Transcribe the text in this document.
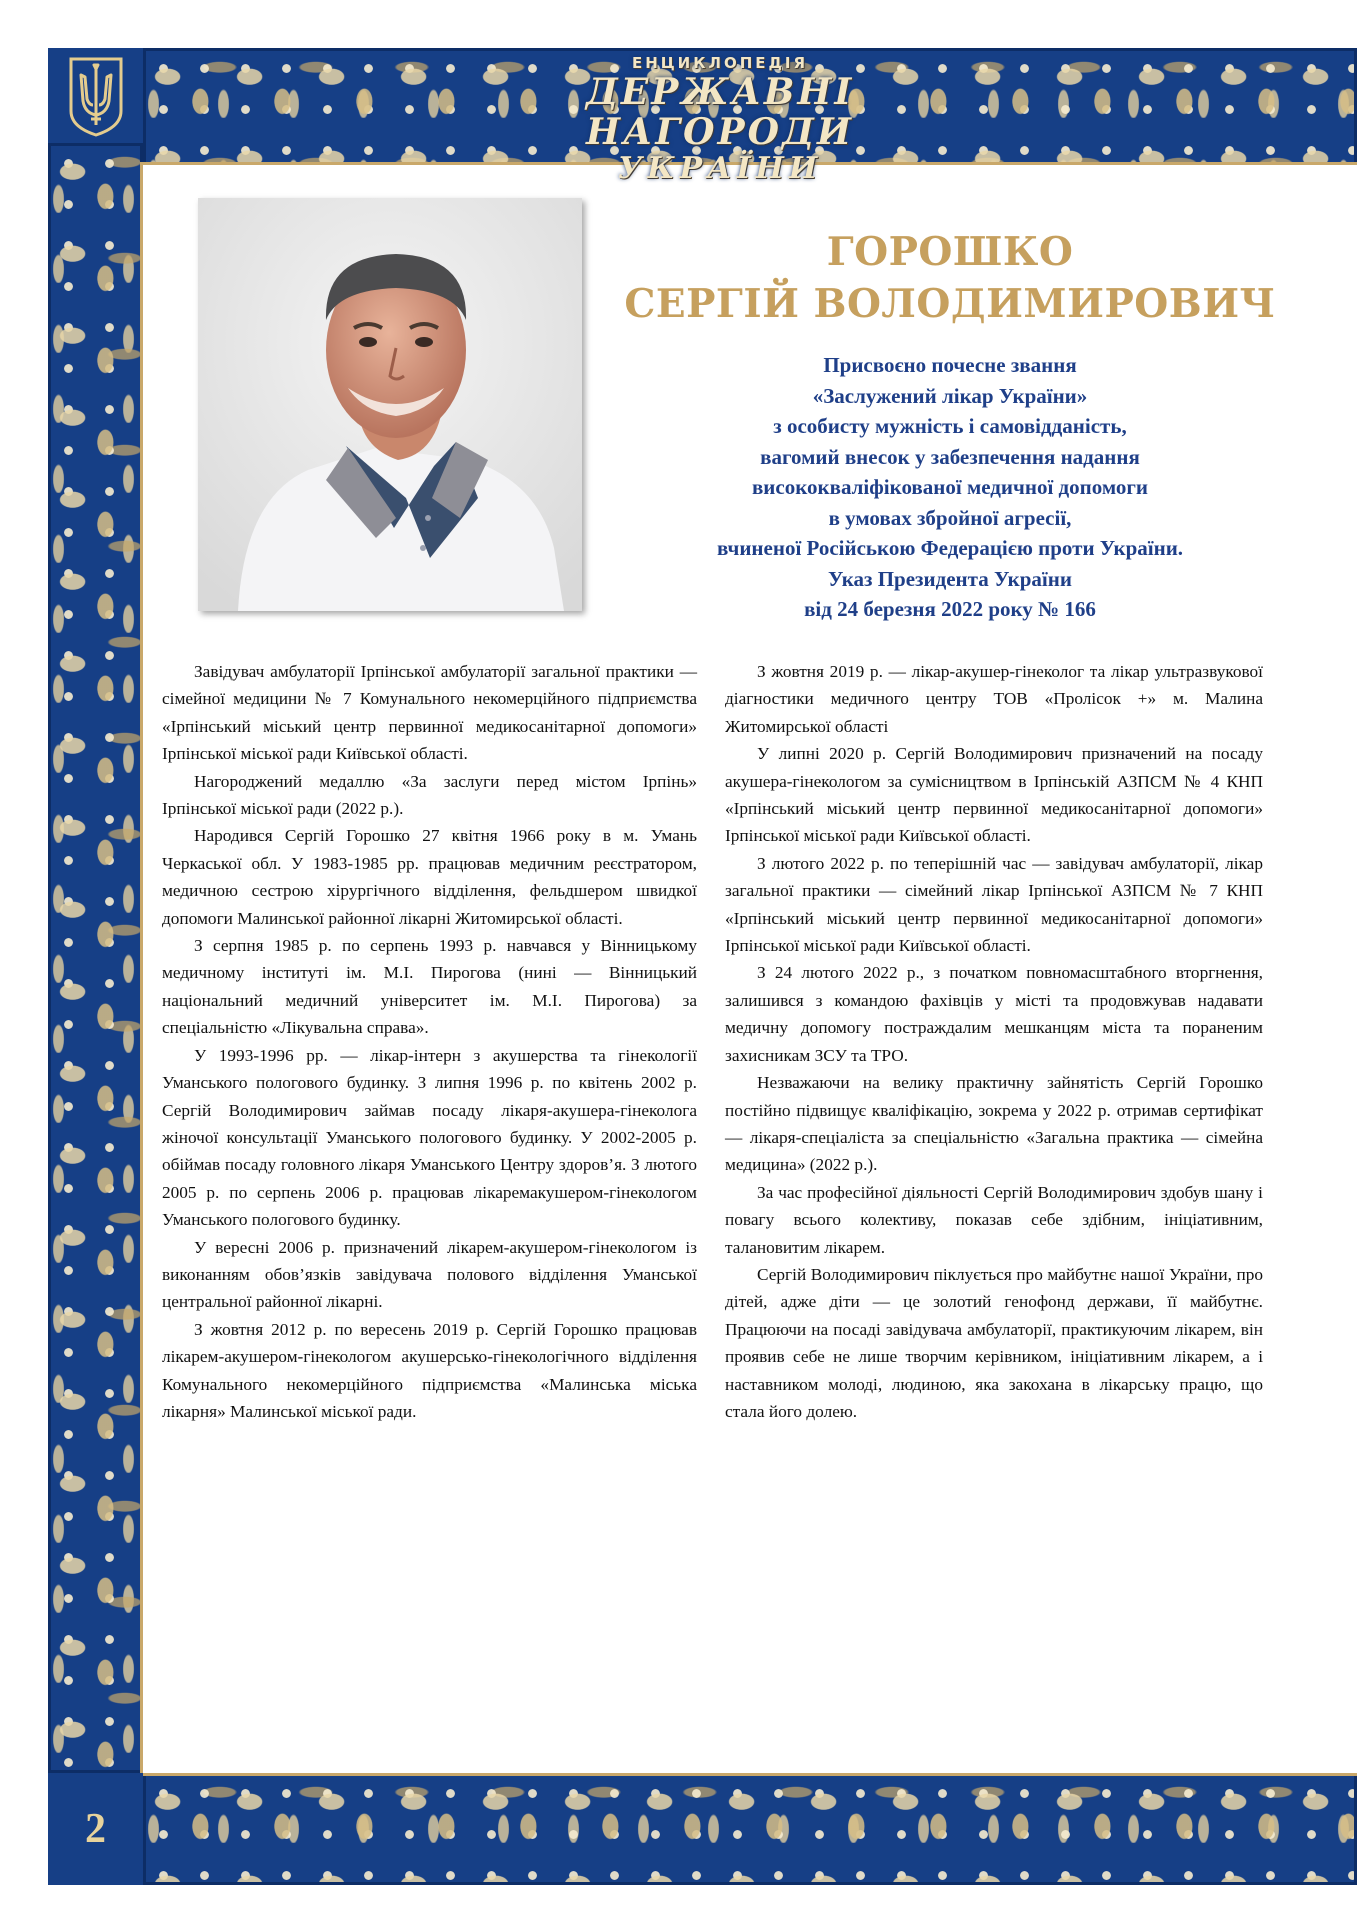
ЕНЦИКЛОПЕДІЯ
ДЕРЖАВНІ НАГОРОДИ
УКРАЇНИ
2
ГОРОШКО
СЕРГІЙ ВОЛОДИМИРОВИЧ
Присвоєно почесне звання
«Заслужений лікар України»
з особисту мужність і самовідданість,
вагомий внесок у забезпечення надання
висококваліфікованої медичної допомоги
в умовах збройної агресії,
вчиненої Російською Федерацією проти України.
Указ Президента України
від 24 березня 2022 року № 166

Завідувач амбулаторії Ірпінської амбулаторії загальної практики — сімейної медицини № 7 Комунального некомерційного підприємства «Ірпінський міський центр первинної медикосанітарної допомоги» Ірпінської міської ради Київської області.

Нагороджений медаллю «За заслуги перед містом Ірпінь» Ірпінської міської ради (2022 р.).

Народився Сергій Горошко 27 квітня 1966 року в м. Умань Черкаської обл. У 1983-1985 рр. працював медичним реєстратором, медичною сестрою хірургічного відділення, фельдшером швидкої допомоги Малинської районної лікарні Житомирської області.

З серпня 1985 р. по серпень 1993 р. навчався у Вінницькому медичному інституті ім. М.І. Пирогова (нині — Вінницький національний медичний університет ім. М.І. Пирогова) за спеціальністю «Лікувальна справа».

У 1993-1996 рр. — лікар-інтерн з акушерства та гінекології Уманського пологового будинку. З липня 1996 р. по квітень 2002 р. Сергій Володимирович займав посаду лікаря-акушера-гінеколога жіночої консультації Уманського пологового будинку. У 2002-2005 р. обіймав посаду головного лікаря Уманського Центру здоров’я. З лютого 2005 р. по серпень 2006 р. працював лікаремакушером-гінекологом Уманського пологового будинку.

У вересні 2006 р. призначений лікарем-акушером-гінекологом із виконанням обов’язків завідувача полового відділення Уманської центральної районної лікарні.

З жовтня 2012 р. по вересень 2019 р. Сергій Горошко працював лікарем-акушером-гінекологом акушерсько-гінекологічного відділення Комунального некомерційного підприємства «Малинська міська лікарня» Малинської міської ради.

З жовтня 2019 р. — лікар-акушер-гінеколог та лікар ультразвукової діагностики медичного центру ТОВ «Пролісок +» м. Малина Житомирської області

У липні 2020 р. Сергій Володимирович призначений на посаду акушера-гінекологом за сумісництвом в Ірпінській АЗПСМ № 4 КНП «Ірпінський міський центр первинної медикосанітарної допомоги» Ірпінської міської ради Київської області.

З лютого 2022 р. по теперішній час — завідувач амбулаторії, лікар загальної практики — сімейний лікар Ірпінської АЗПСМ № 7 КНП «Ірпінський міський центр первинної медикосанітарної допомоги» Ірпінської міської ради Київської області.

З 24 лютого 2022 р., з початком повномасштабного вторгнення, залишився з командою фахівців у місті та продовжував надавати медичну допомогу постраждалим мешканцям міста та пораненим захисникам ЗСУ та ТРО.

Незважаючи на велику практичну зайнятість Сергій Горошко постійно підвищує кваліфікацію, зокрема у 2022 р. отримав сертифікат — лікаря-спеціаліста за спеціальністю «Загальна практика — сімейна медицина» (2022 р.).

За час професійної діяльності Сергій Володимирович здобув шану і повагу всього колективу, показав себе здібним, ініціативним, талановитим лікарем.

Сергій Володимирович піклується про майбутнє нашої України, про дітей, адже діти — це золотий генофонд держави, її майбутнє. Працюючи на посаді завідувача амбулаторії, практикуючим лікарем, він проявив себе не лише творчим керівником, ініціативним лікарем, а і наставником молоді, людиною, яка закохана в лікарську працю, що стала його долею.
